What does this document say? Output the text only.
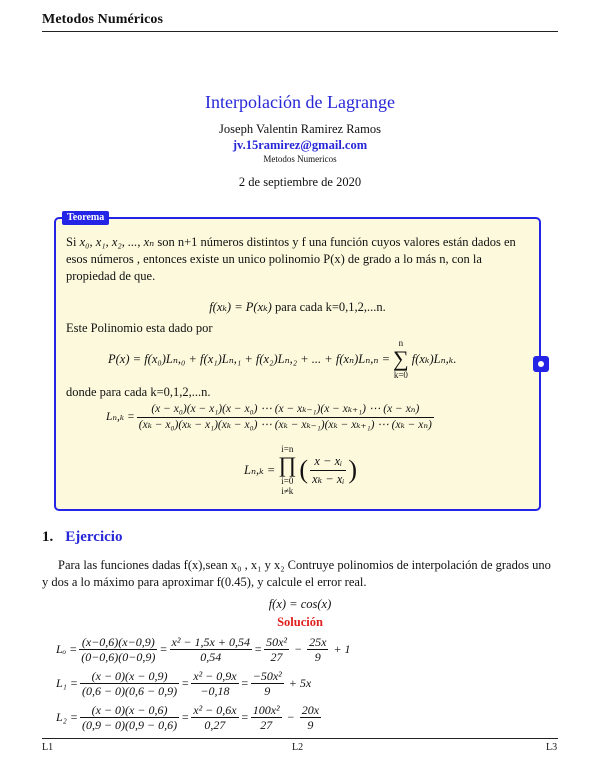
Metodos Numéricos
Interpolación de Lagrange
Joseph Valentin Ramirez Ramos
jv.15ramirez@gmail.com
Metodos Numericos
2 de septiembre de 2020
Teorema
Si x₀, x₁, x₂, ..., xₙ son n+1 números distintos y f una función cuyos valores están dados en esos números , entonces existe un unico polinomio P(x) de grado a lo más n, con la propiedad de que.
f(xₖ) = P(xₖ) para cada k=0,1,2,...n.
Este Polinomio esta dado por
P(x) = f(x₀)Lₙ,₀ + f(x₁)Lₙ,₁ + f(x₂)Lₙ,₂ + ... + f(xₙ)Lₙ,ₙ =
n
∑
k=0
f(xₖ)Lₙ,ₖ.
donde para cada k=0,1,2,...n.
Lₙ,ₖ =
(x − x₀)(x − x₁)(x − x₀) ⋯ (x − xₖ₋₁)(x − xₖ₊₁) ⋯ (x − xₙ)
(xₖ − x₀)(xₖ − x₁)(xₖ − x₀) ⋯ (xₖ − xₖ₋₁)(xₖ − xₖ₊₁) ⋯ (xₖ − xₙ)
Lₙ,ₖ =
i=n
∏
i=0
i≠k
( $\frac{\text{x − xᵢ}}{\text{xₖ − xᵢ}}$ )
1. Ejercicio
Para las funciones dadas f(x),sean x₀ , x₁ y x₂ Contruye polinomios de interpolación de grados uno y dos a lo máximo para aproximar f(0.45), y calcule el error real.
f(x) = cos(x)
Solución
$L_o = \frac{(x-0,6)(x-0,9)}{(0-0,6)(0-0,9)} = \frac{\text{x² − 1,5x + 0,54}}{0,54} = \frac{\text{50x²}}{27} - \frac{25x}{9} + 1$
$L_1 = \frac{(x - 0)(x - 0,9)}{(0,6 - 0)(0,6 - 0,9)} = \frac{\text{x² − 0,9x}}{-0,18} = \frac{\text{−50x²}}{9} + 5x$
$L_2 = \frac{(x - 0)(x - 0,6)}{(0,9 - 0)(0,9 - 0,6)} = \frac{\text{x² − 0,6x}}{0,27} = \frac{\text{100x²}}{27} - \frac{20x}{9}$
L1	L2	L3
